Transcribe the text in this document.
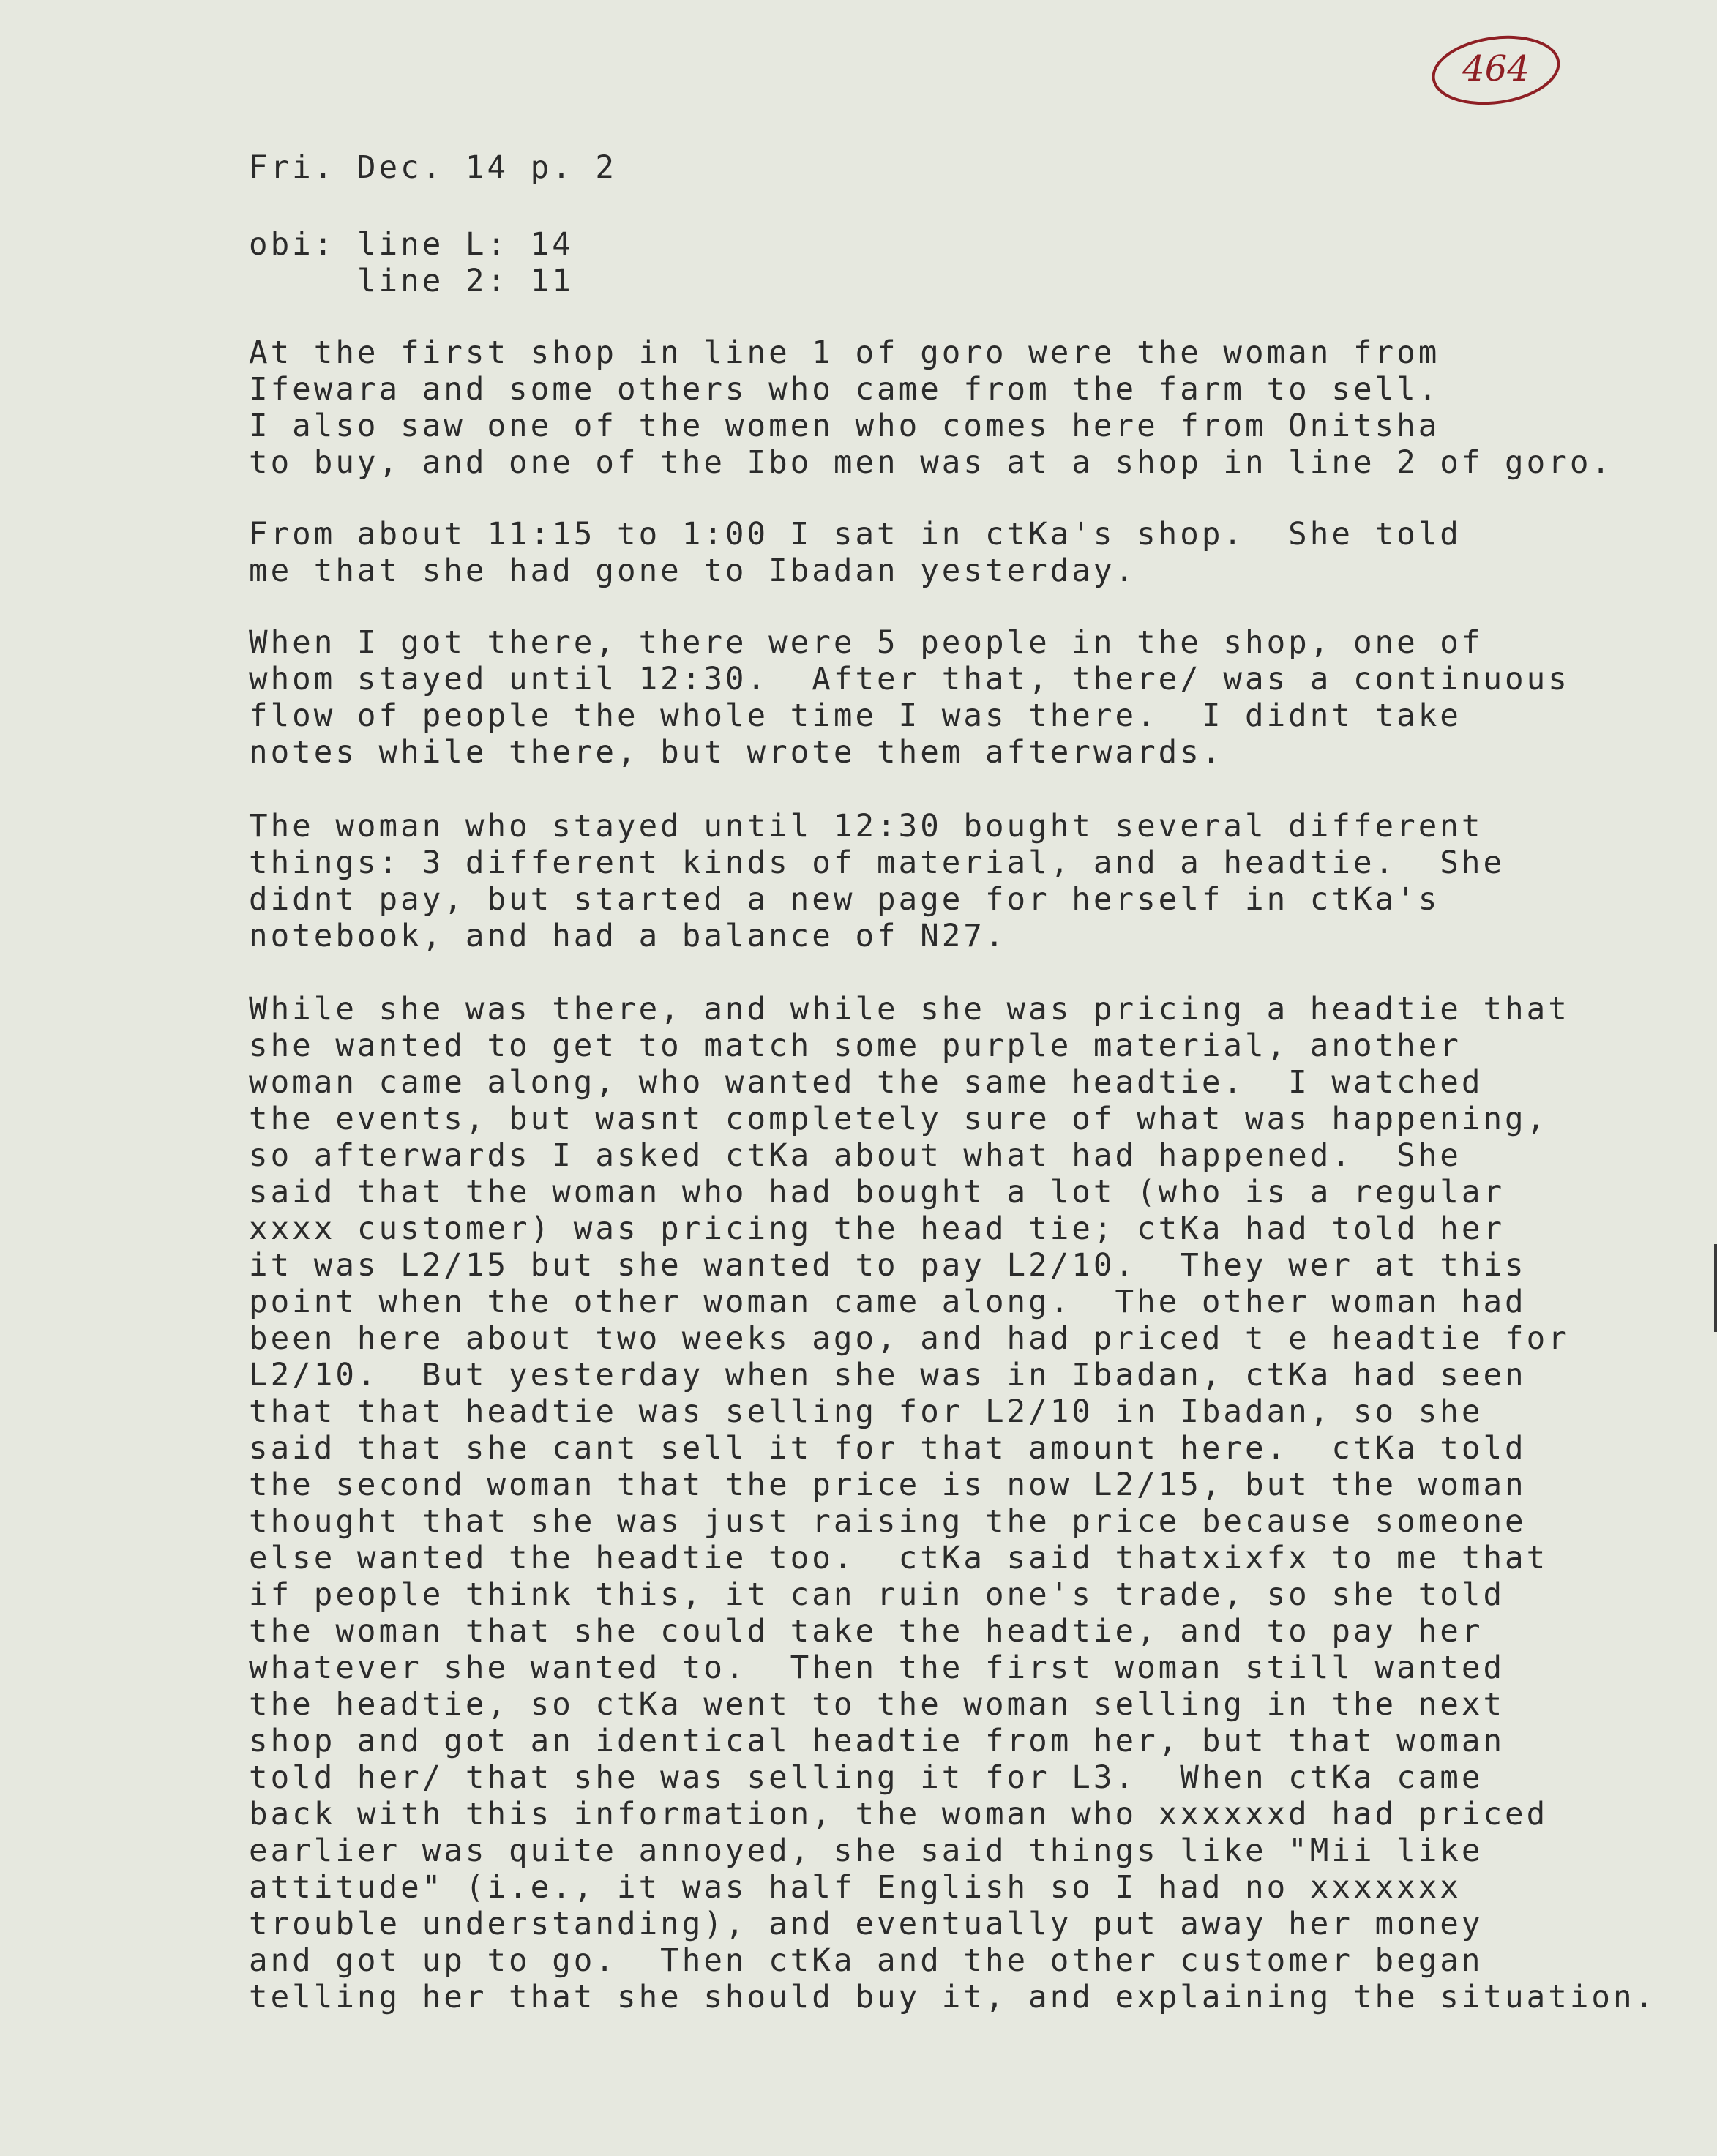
464
Fri. Dec. 14 p. 2
obi: line L: 14
line 2: 11
At the first shop in line 1 of goro were the woman from
Ifewara and some others who came from the farm to sell.
I also saw one of the women who comes here from Onitsha
to buy, and one of the Ibo men was at a shop in line 2 of goro.
From about 11:15 to 1:00 I sat in ctKa's shop.  She told
me that she had gone to Ibadan yesterday.
When I got there, there were 5 people in the shop, one of
whom stayed until 12:30.  After that, there/ was a continuous
flow of people the whole time I was there.  I didnt take
notes while there, but wrote them afterwards.
The woman who stayed until 12:30 bought several different
things: 3 different kinds of material, and a headtie.  She
didnt pay, but started a new page for herself in ctKa's
notebook, and had a balance of N27.
While she was there, and while she was pricing a headtie that
she wanted to get to match some purple material, another
woman came along, who wanted the same headtie.  I watched
the events, but wasnt completely sure of what was happening,
so afterwards I asked ctKa about what had happened.  She
said that the woman who had bought a lot (who is a regular
xxxx customer) was pricing the head tie; ctKa had told her
it was L2/15 but she wanted to pay L2/10.  They wer at this
point when the other woman came along.  The other woman had
been here about two weeks ago, and had priced t e headtie for
L2/10.  But yesterday when she was in Ibadan, ctKa had seen
that that headtie was selling for L2/10 in Ibadan, so she
said that she cant sell it for that amount here.  ctKa told
the second woman that the price is now L2/15, but the woman
thought that she was just raising the price because someone
else wanted the headtie too.  ctKa said thatxixfx to me that
if people think this, it can ruin one's trade, so she told
the woman that she could take the headtie, and to pay her
whatever she wanted to.  Then the first woman still wanted
the headtie, so ctKa went to the woman selling in the next
shop and got an identical headtie from her, but that woman
told her/ that she was selling it for L3.  When ctKa came
back with this information, the woman who xxxxxxd had priced
earlier was quite annoyed, she said things like "Mii like
attitude" (i.e., it was half English so I had no xxxxxxx
trouble understanding), and eventually put away her money
and got up to go.  Then ctKa and the other customer began
telling her that she should buy it, and explaining the situation.
